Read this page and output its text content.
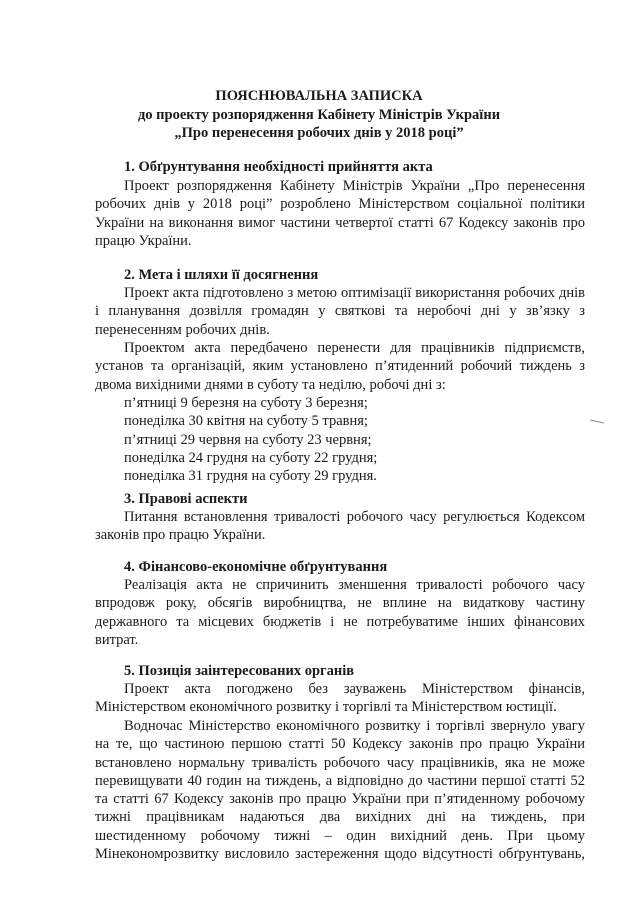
ПОЯСНЮВАЛЬНА ЗАПИСКА
до проекту розпорядження Кабінету Міністрів України
„Про перенесення робочих днів у 2018 році”
1. Обґрунтування необхідності прийняття акта
Проект розпорядження Кабінету Міністрів України „Про перенесення робочих днів у 2018 році” розроблено Міністерством соціальної політики України на виконання вимог частини четвертої статті 67 Кодексу законів про працю України.
2. Мета і шляхи її досягнення
Проект акта підготовлено з метою оптимізації використання робочих днів і планування дозвілля громадян у святкові та неробочі дні у зв’язку з перенесенням робочих днів.
Проектом акта передбачено перенести для працівників підприємств, установ та організацій, яким установлено п’ятиденний робочий тиждень з двома вихідними днями в суботу та неділю, робочі дні з:
п’ятниці 9 березня на суботу 3 березня;
понеділка 30 квітня на суботу 5 травня;
п’ятниці 29 червня на суботу 23 червня;
понеділка 24 грудня на суботу 22 грудня;
понеділка 31 грудня на суботу 29 грудня.
3. Правові аспекти
Питання встановлення тривалості робочого часу регулюється Кодексом законів про працю України.
4. Фінансово-економічне обґрунтування
Реалізація акта не спричинить зменшення тривалості робочого часу впродовж року, обсягів виробництва, не вплине на видаткову частину державного та місцевих бюджетів і не потребуватиме інших фінансових витрат.
5. Позиція заінтересованих органів
Проект акта погоджено без зауважень Міністерством фінансів, Міністерством економічного розвитку і торгівлі та Міністерством юстиції.
Водночас Міністерство економічного розвитку і торгівлі звернуло увагу на те, що частиною першою статті 50 Кодексу законів про працю України встановлено нормальну тривалість робочого часу працівників, яка не може перевищувати 40 годин на тиждень, а відповідно до частини першої статті 52 та статті 67 Кодексу законів про працю України при п’ятиденному робочому тижні працівникам надаються два вихідних дні на тиждень, при шестиденному робочому тижні – один вихідний день. При цьому Мінекономрозвитку висловило застереження щодо відсутності обґрунтувань,
